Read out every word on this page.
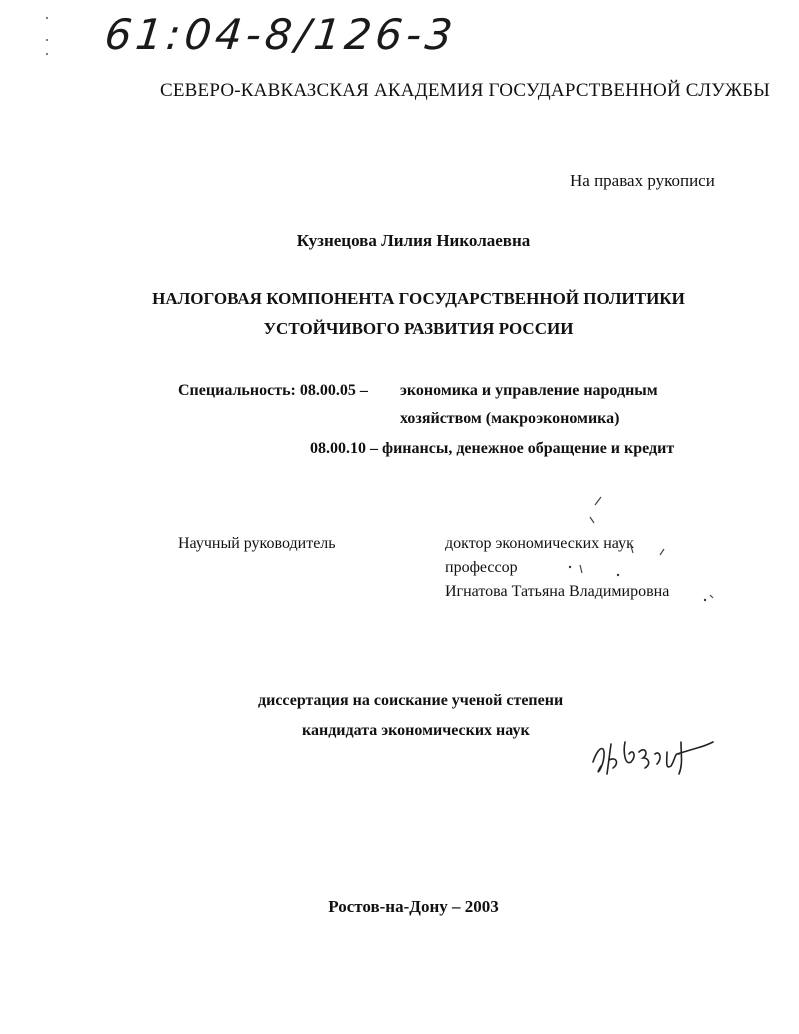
61:04-8/126-3
СЕВЕРО-КАВКАЗСКАЯ АКАДЕМИЯ ГОСУДАРСТВЕННОЙ СЛУЖБЫ
На правах рукописи
Кузнецова Лилия Николаевна
НАЛОГОВАЯ КОМПОНЕНТА ГОСУДАРСТВЕННОЙ ПОЛИТИКИ
УСТОЙЧИВОГО РАЗВИТИЯ РОССИИ
Специальность: 08.00.05 – экономика и управление народным
хозяйством (макроэкономика)
08.00.10 – финансы, денежное обращение и кредит
Научный руководитель	доктор экономических наук
профессор
Игнатова Татьяна Владимировна
диссертация на соискание ученой степени
кандидата экономических наук
Ростов-на-Дону – 2003
